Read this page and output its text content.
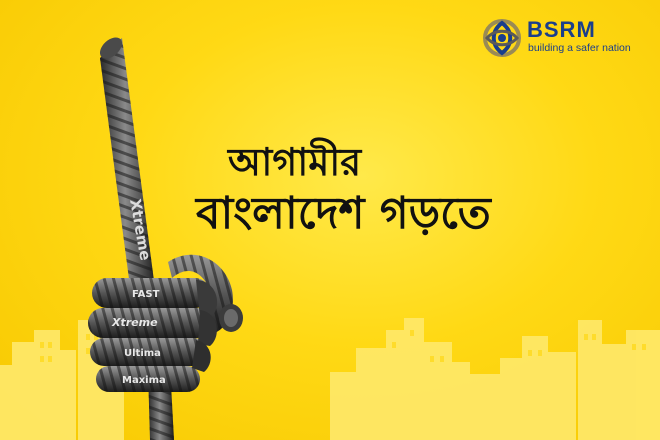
Xtreme
FAST
Xtreme
Ultima
Maxima
BSRM
building a safer nation
আগামীর
বাংলাদেশ গড়তে
